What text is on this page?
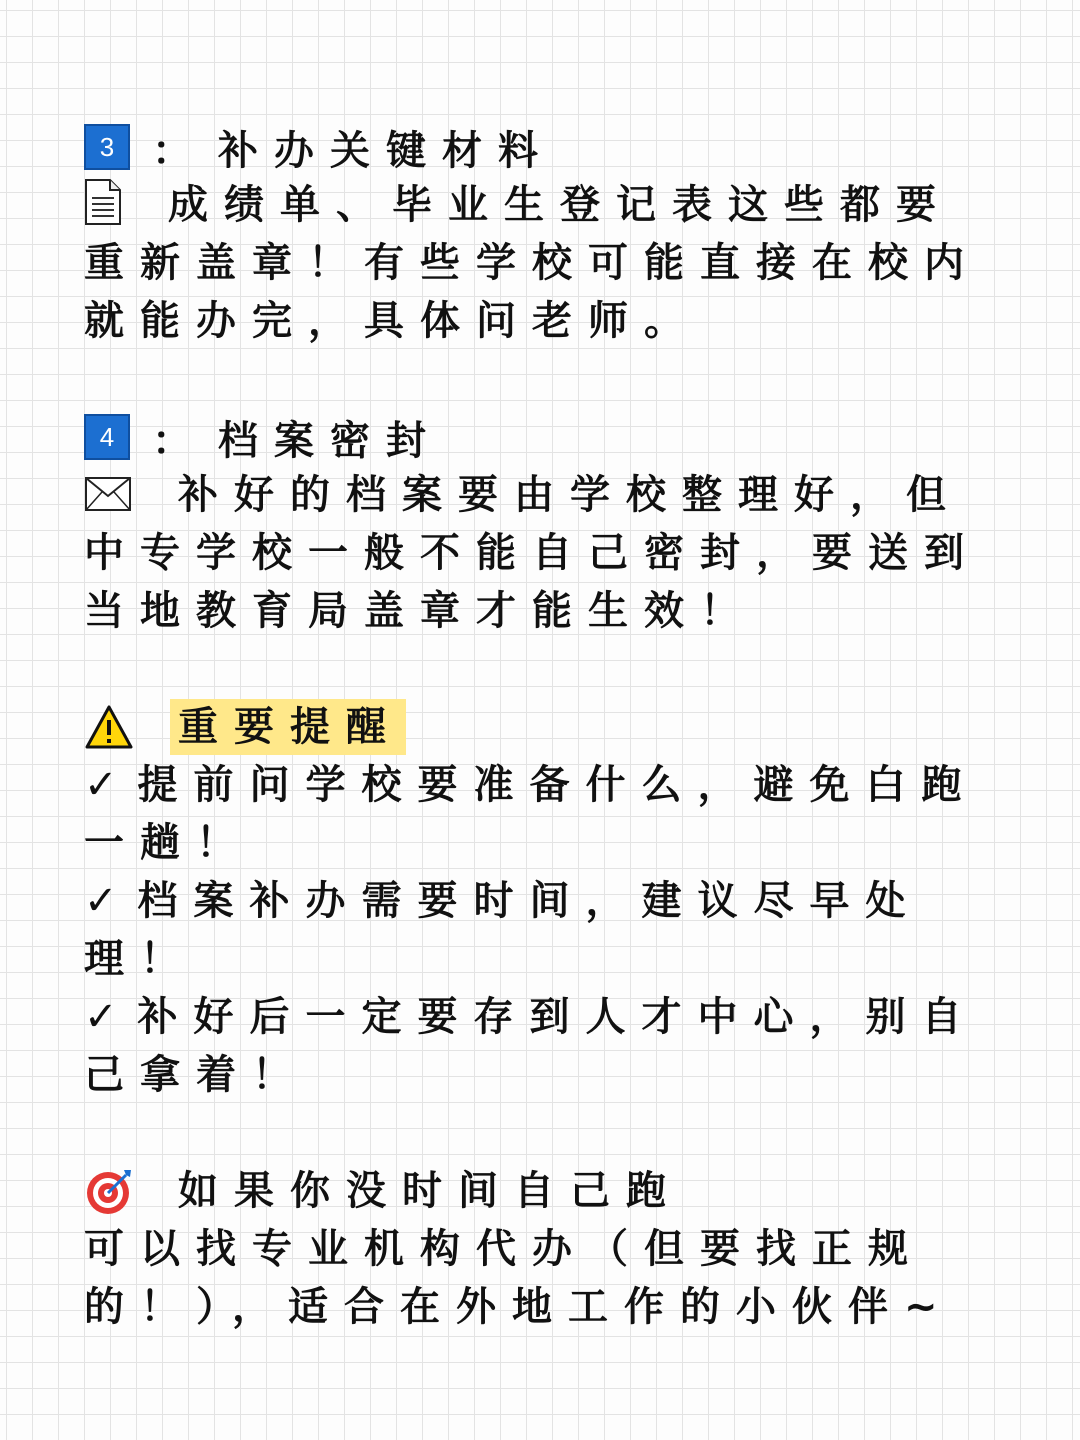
3 ： 补办关键材料

成绩单、毕业生登记表这些都要

重新盖章！有些学校可能直接在校内

就能办完，具体问老师。

4 ： 档案密封

补好的档案要由学校整理好，但

中专学校一般不能自己密封，要送到

当地教育局盖章才能生效！

重要提醒

✓ 提前问学校要准备什么，避免白跑

一趟！

✓ 档案补办需要时间，建议尽早处

理！

✓ 补好后一定要存到人才中心，别自

己拿着！

如果你没时间自己跑

可以找专业机构代办（但要找正规

的！），适合在外地工作的小伙伴~
